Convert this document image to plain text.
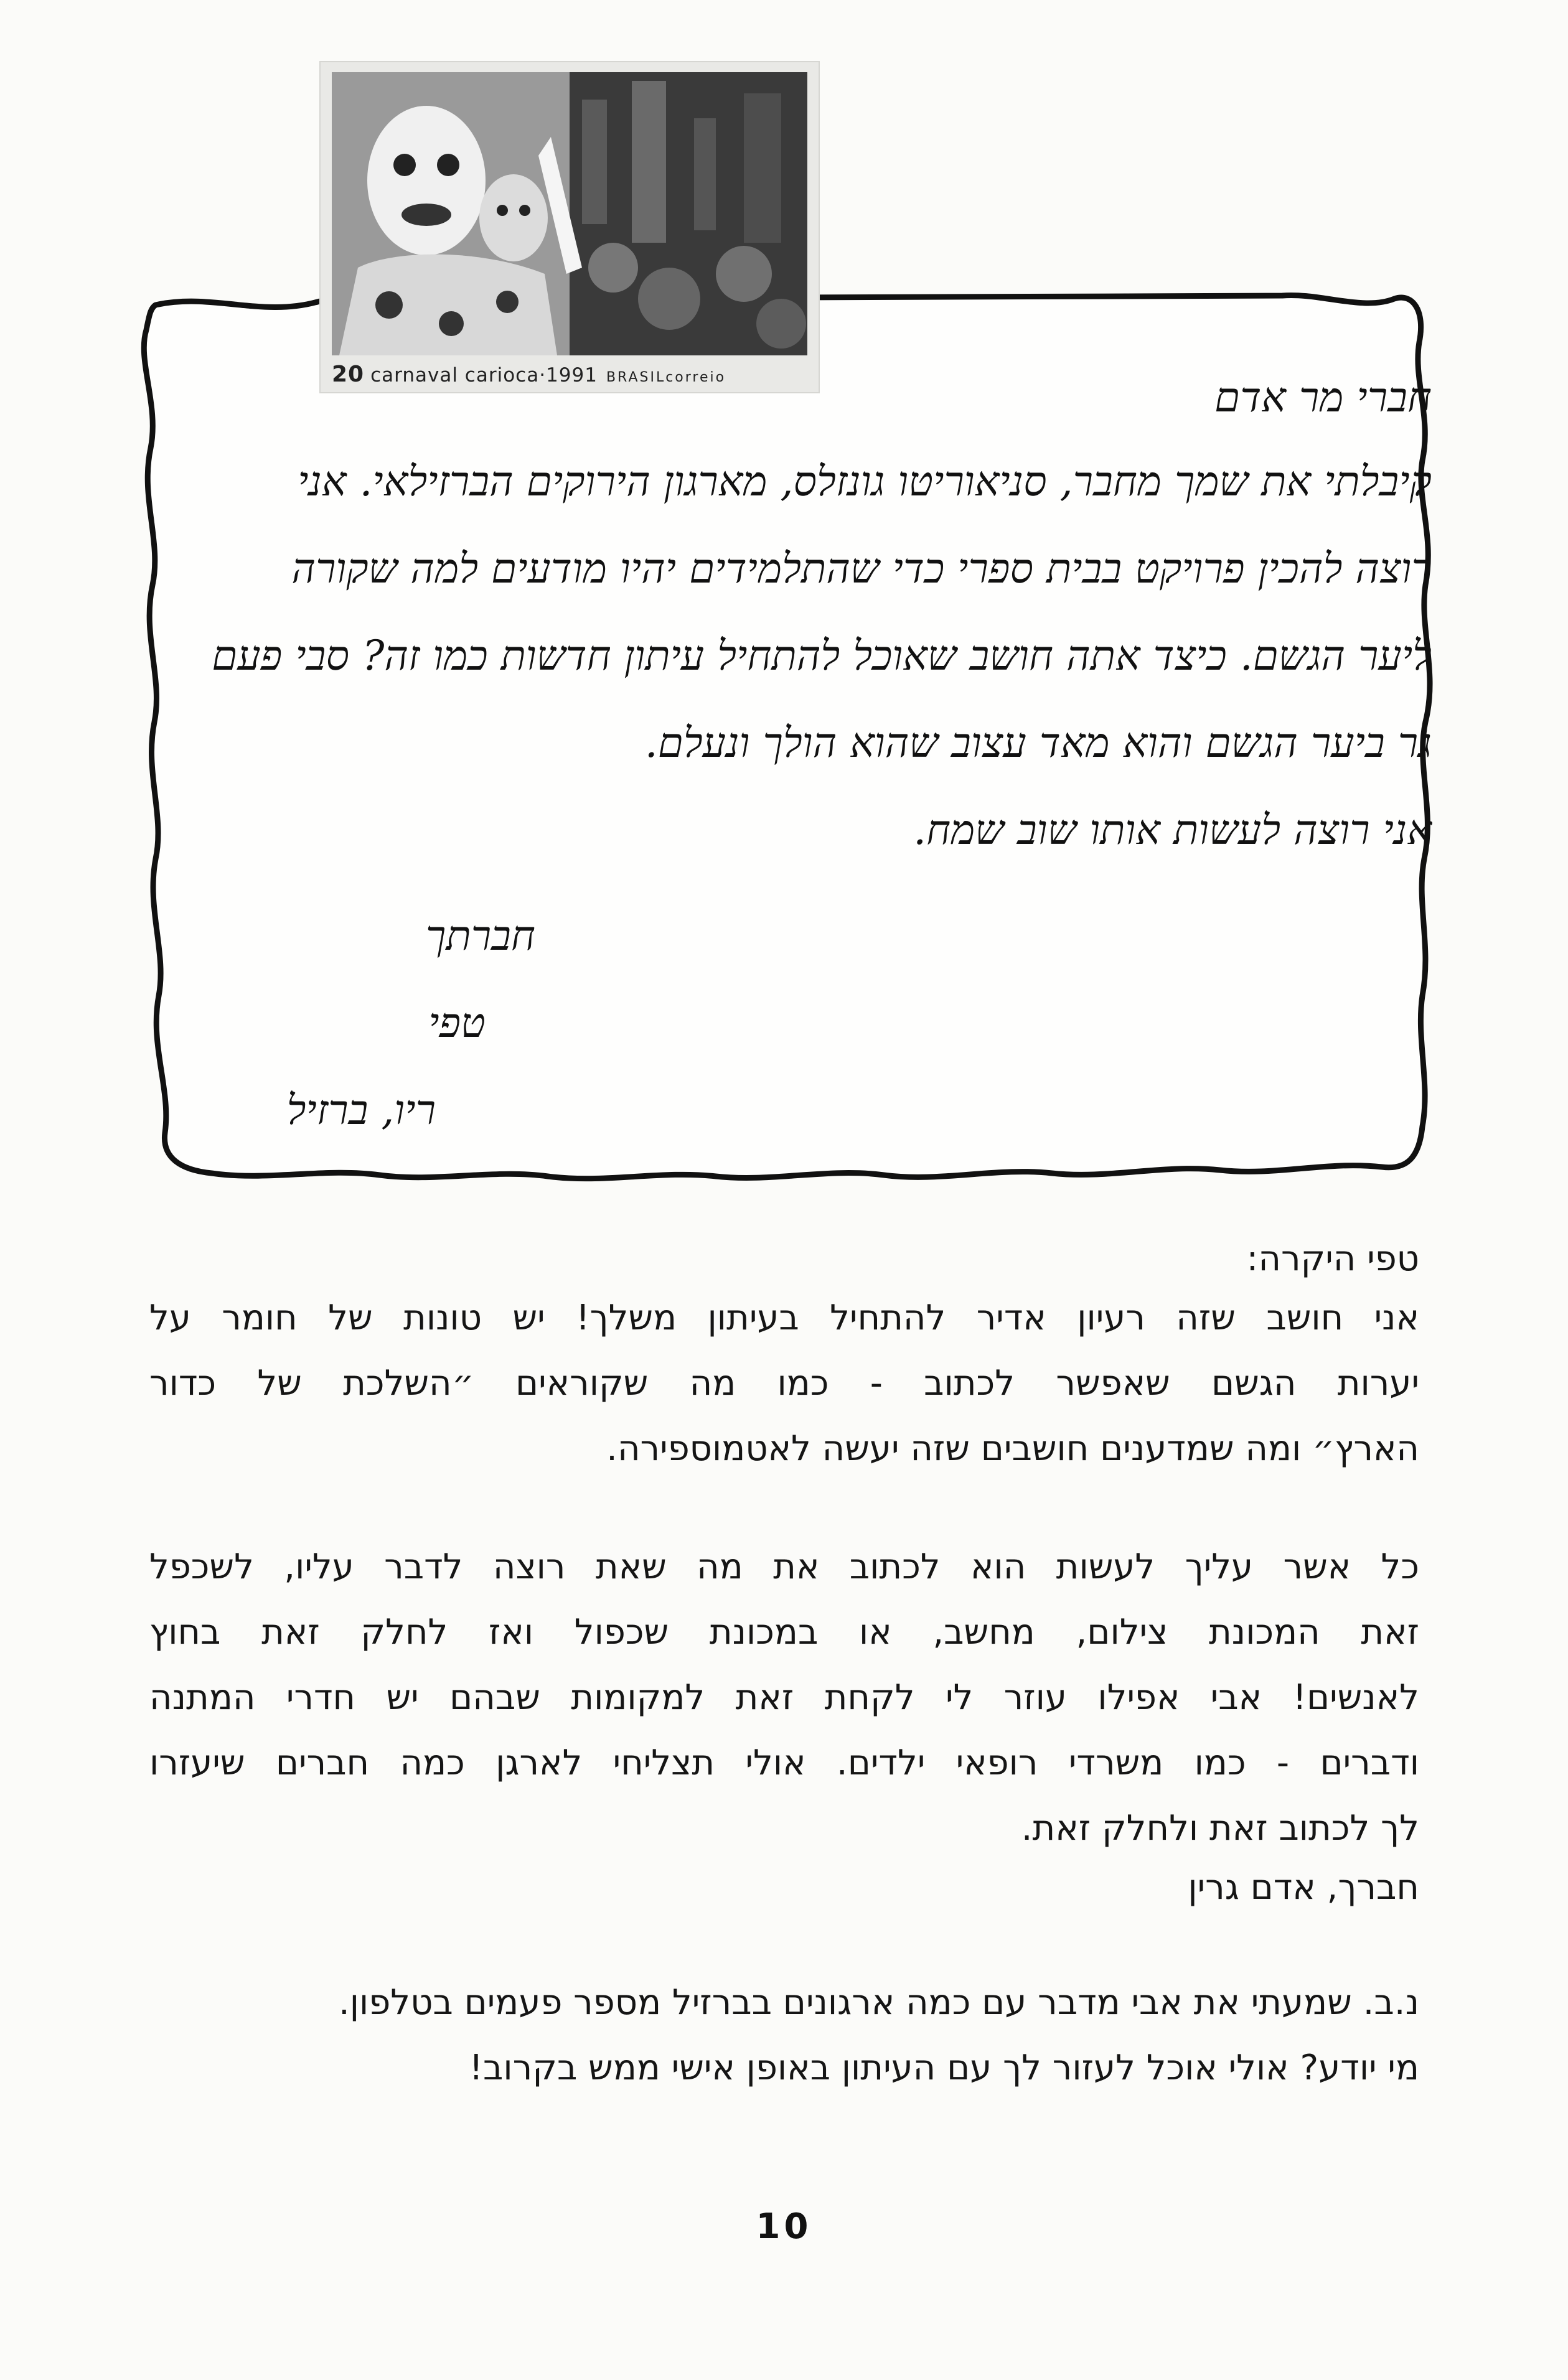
20 carnaval carioca·1991 BRASILcorreio	חברי מר אדם
קיבלתי את שמך מחבר, סניאוריטו גונזלס, מארגון הירוקים הברזילאי. אני
רוצה להכין פרויקט בבית ספרי כדי שהתלמידים יהיו מודעים למה שקורה
ליער הגשם. כיצד אתה חושב שאוכל להתחיל עיתון חדשות כמו זה? סבי פעם
גר ביער הגשם והוא מאד עצוב שהוא הולך ונעלם.
אני רוצה לעשות אותו שוב שמח.
חברתך
טפי
ריו, ברזיל
טפי היקרה:
אני חושב שזה רעיון אדיר להתחיל בעיתון משלך! יש טונות של חומר על
יערות הגשם שאפשר לכתוב - כמו מה שקוראים ״השלכת של כדור
הארץ״ ומה שמדענים חושבים שזה יעשה לאטמוספירה.
כל אשר עליך לעשות הוא לכתוב את מה שאת רוצה לדבר עליו, לשכפל
זאת המכונת צילום, מחשב, או במכונת שכפול ואז לחלק זאת בחוץ
לאנשים! אבי אפילו עוזר לי לקחת זאת למקומות שבהם יש חדרי המתנה
ודברים - כמו משרדי רופאי ילדים. אולי תצליחי לארגן כמה חברים שיעזרו
לך לכתוב זאת ולחלק זאת.
חברך, אדם גרין
נ.ב. שמעתי את אבי מדבר עם כמה ארגונים בברזיל מספר פעמים בטלפון.
מי יודע? אולי אוכל לעזור לך עם העיתון באופן אישי ממש בקרוב!
10
